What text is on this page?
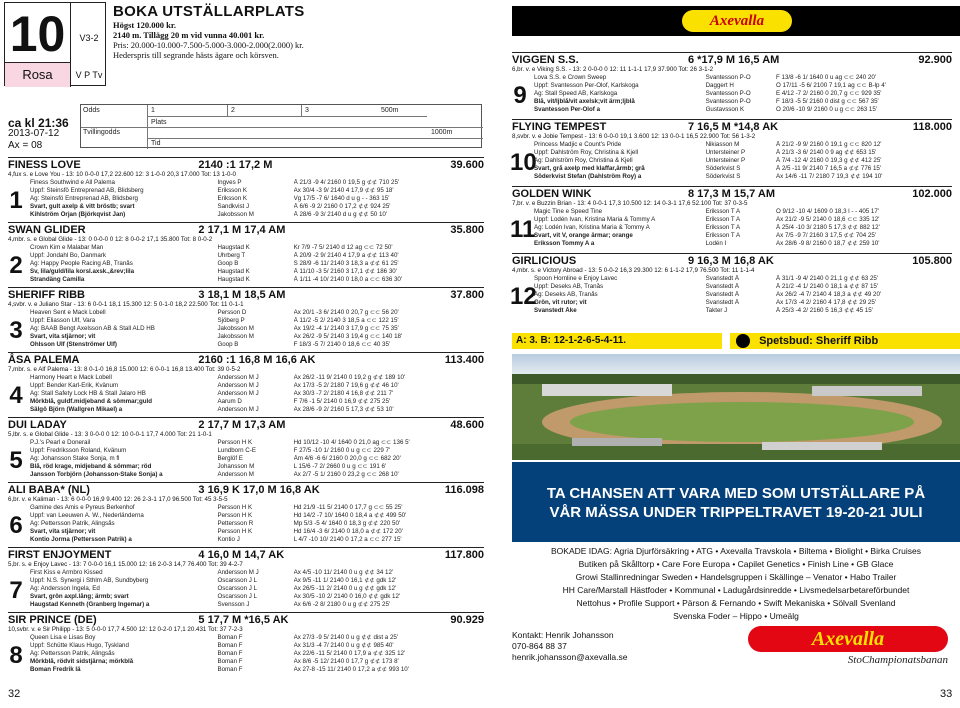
10	V3-2
Rosa	V P Tv
BOKA UTSTÄLLARPLATS
Högst 120.000 kr.
2140 m. Tillägg 20 m vid vunna 40.001 kr.
Pris: 20.000-10.000-7.500-5.000-3.000-2.000(2.000) kr.
Hederspris till segrande hästs ägare och körsven.
ca kl 21:36
2013-07-12
Ax = 08
Odds
Tvillingodds
1	2	3
Plats
Tid
500m
1000m
FINESS LOVE	2140 :1 17,2 M	39.600
4,fux s. e Love You - 13: 10 0-0-0 17,2 22.600 12: 3 1-0-0 20,3 17.000 Tot: 13 1-0-0
1
Finess Southwind e All Palema	Ingves P	Å 21/3 -9 4/ 2160 0 19,5 g ⊄⊄ 710 25'
Uppf: Steinsfö Entreprenad AB, Blidsberg	Eriksson K	Ax 30/4 -3 9/ 2140 4 17,9 ⊄⊄ 95 18'
Äg: Steinsfö Entreprenad AB, Blidsberg	Eriksson K	Vg 17/5 -7 6/ 1640 d u g - - 363 15'
Svart, gult axelp & vitt bröstb; svart	Sandkvist J	Å 6/6 -9 2/ 2160 0 17,2 ⊄⊄ 924 25'
Kihlström Örjan (Björkqvist Jan)	Jakobsson M	Å 28/6 -9 3/ 2140 d u g ⊄⊄ 50 10'
SWAN GLIDER	2 17,1 M 17,4 AM	35.800
4,mbr. s. e Global Glide - 13: 0 0-0-0 0 12: 8 0-0-2 17,1 35.800 Tot: 8 0-0-2
2
Crown Kim e Malabar Man	Haugstad K	Kr 7/9 -7 5/ 2140 d 12 ag ⊂⊂ 72 50'
Uppf: Jondahl Bo, Danmark	Uhrberg T	Å 20/9 -2 9/ 2140 4 17,9 a ⊄⊄ 113 40'
Äg: Happy People Racing AB, Tranås	Goop B	S 28/9 -6 11/ 2140 3 18,3 a ⊄⊄ 61 25'
Sv, lila/guld/lila korsl.axsk.,&rev;lila	Haugstad K	Å 11/10 -3 5/ 2160 3 17,1 ⊄⊄ 186 30'
Strandäng Camilla	Haugstad K	Å 1/11 -4 10/ 2140 0 18,0 a ⊂⊂ 636 30'
SHERIFF RIBB	3 18,1 M 18,5 AM	37.800
4,svbr. v. e Juliano Star - 13: 6 0-0-1 18,1 15.300 12: 5 0-1-0 18,2 22.500 Tot: 11 0-1-1
3
Heaven Sent e Mack Lobell	Persson D	Ax 20/1 -3 6/ 2140 0 20,7 g ⊂⊂ 56 20'
Uppf: Eliasson Ulf, Vara	Sjöberg P	Å 11/2 -5 2/ 2140 3 18,5 a ⊂⊂ 122 15'
Äg: BAAB Bengt Axelsson AB & Stall ALD HB	Jakobsson M	Ax 19/2 -4 1/ 2140 3 17,9 g ⊂⊂ 75 35'
Svart, vita stjärnor; vit	Jakobsson M	Ax 26/2 -9 5/ 2140 3 19,4 g ⊂⊂ 140 18'
Ohlsson Ulf (Stenströmer Ulf)	Goop B	F 18/3 -5 7/ 2140 0 18,6 ⊂⊂ 40 35'
ÅSA PALEMA	2160 :1 16,8 M 16,6 AK	113.400
7,mbr. s. e Alf Palema - 13: 8 0-1-0 16,8 15.000 12: 6 0-0-1 16,8 13.400 Tot: 39 0-5-2
4
Harmony Heart e Mack Lobell	Andersson M J	Ax 26/2 -11 9/ 2140 0 19,2 g ⊄⊄ 189 10'
Uppf: Bender Karl-Erik, Kvänum	Andersson M J	Ax 17/3 -5 2/ 2180 7 19,6 g ⊄⊄ 46 10'
Äg: Stall Safety Lock HB & Stall Jalaro HB	Andersson M J	Ax 30/3 -7 2/ 2180 4 16,8 ⊄⊄ 211 7'
Mörkblå, guldf.midjeband & sömmar;guld	Aarum D	F 7/6 -1 5/ 2140 0 16,9 ⊄⊄ 275 25'
Sälgö Björn (Wallgren Mikael) a	Andersson M J	Ax 28/6 -9 2/ 2160 5 17,3 ⊄⊄ 53 10'
DUI LADAY	2 17,7 M 17,3 AM	48.600
5,lbr. s. e Global Glide - 13: 3 0-0-0 0 12: 10 0-0-1 17,7 4.000 Tot: 21 1-0-1
5
P.J.'s Pearl e Donerail	Persson H K	Hd 10/12 -10 4/ 1640 0 21,0 ag ⊂⊂ 136 5'
Uppf: Fredriksson Roland, Kvänum	Lundborn C-E	F 27/5 -10 1/ 2160 0 u g ⊂⊂ 229 7'
Äg: Johansson Stake Sonja, m fl	Berglöf E	Åm 4/6 -6 6/ 2160 0 20,0 g ⊂⊂ 682 20'
Blå, röd krage, midjeband & sömmar; röd	Johansson M	L 15/6 -7 2/ 2660 0 u g ⊂⊂ 191 6'
Jansson Torbjörn (Johansson-Stake Sonja) a	Andersson M	Ax 2/7 -5 1/ 2160 0 23,2 g ⊂⊂ 268 10'
ALI BABA* (NL)	3 16,9 K 17,0 M 16,8 AK	116.098
6,br. v. e Kaliman - 13: 6 0-0-0 16,9 9.400 12: 26 2-3-1 17,0 96.500 Tot: 45 3-5-5
6
Gamine des Amis e Pyreus Berkenhof	Persson H K	Hd 21/9 -11 5/ 2140 0 17,7 g ⊂⊂ 55 25'
Uppf: van Leeuwen A. W., Nederländerna	Persson H K	Hd 14/2 -7 10/ 1640 0 18,4 a ⊄⊄ 499 50'
Äg: Pettersson Patrik, Alingsås	Pettersson R	Mp 5/3 -5 4/ 1640 0 18,3 g ⊄⊄ 220 50'
Svart, vita stjärnor; vit	Persson H K	Hd 16/4 -3 6/ 2140 0 18,0 a ⊄⊄ 172 20'
Kontio Jorma (Pettersson Patrik) a	Kontio J	L 4/7 -10 10/ 2140 0 17,2 a ⊂⊂ 277 15'
FIRST ENJOYMENT	4 16,0 M 14,7 AK	117.800
5,br. s. e Enjoy Lavec - 13: 7 0-0-0 16,1 15.000 12: 16 2-0-3 14,7 76.400 Tot: 39 4-2-7
7
First Kiss e Armbro Kissed	Andersson M J	Ax 4/5 -10 11/ 2140 0 u g ⊄⊄ 34 12'
Uppf: N.S. Synergi i Sthlm AB, Sundbyberg	Oscarsson J L	Ax 9/5 -11 1/ 2140 0 16,1 ⊄⊄ gdk 12'
Äg: Andersson Ingela, Ed	Oscarsson J L	Ax 26/5 -11 2/ 2140 0 u g ⊄⊄ gdk 12'
Svart, grön axpl.lång; ärmb; svart	Oscarsson J L	Ax 30/5 -10 2/ 2140 0 16,0 ⊄⊄ gdk 12'
Haugstad Kenneth (Granberg Ingemar) a	Svensson J	Ax 6/6 -2 8/ 2180 0 u g ⊄⊄ 275 25'
SIR PRINCE (DE)	5 17,7 M *16,5 AK	90.929
10,svbr. v. e Sir Philipp - 13: 5 0-0-0 17,7 4.500 12: 12 0-2-0 17,1 20.431 Tot: 37 7-2-3
8
Queen Lisa e Lisas Boy	Boman F	Ax 27/3 -9 5/ 2140 0 u g ⊄⊄ dist a 25'
Uppf: Schütte Klaus Hugo, Tyskland	Boman F	Ax 31/3 -4 7/ 2140 0 u g ⊄⊄ 985 40'
Äg: Pettersson Patrik, Alingsås	Boman F	Ax 22/6 -11 5/ 2140 0 17,9 a ⊄⊄ 325 12'
Mörkblå, rödvit sidstjärna; mörkblå	Boman F	Ax 8/6 -5 12/ 2140 0 17,7 g ⊄⊄ 173 8'
Boman Fredrik lä	Boman F	Ax 27-8 -15 11/ 2140 0 17,2 a ⊄⊄ 993 10'
VIGGEN S.S.	6 *17,9 M 16,5 AM	92.900
6,br. v. e Viking S.S. - 13: 2 0-0-0 0 12: 11 1-1-1 17,9 37.900 Tot: 26 3-1-2
9
Lova S.S. e Crown Sweep	Svantesson P-O	F 13/8 -6 1/ 1640 0 u ag ⊂⊂ 240 20'
Uppf: Svantesson Per-Olof, Karlskoga	Daggert H	Ö 17/11 -5 6/ 2100 7 19,1 ag ⊂⊂ B-lp 4'
Äg: Stall Speed AB, Karlskoga	Svantesson P-O	E 4/12 -7 2/ 2160 0 20,7 g ⊂⊂ 929 35'
Blå, vit/ljblå/vit axelsk;vit ärm;ljblå	Svantesson P-O	F 18/3 -5 5/ 2160 0 dist g ⊂⊂ 567 35'
Svantesson Per-Olof a	Gustavsson K	Ö 20/6 -10 9/ 2160 0 u g ⊂⊂ 263 15'
FLYING TEMPEST	7 16,5 M *14,8 AK	118.000
8,svbr. v. e Jobie Tempest - 13: 6 0-0-0 19,1 3.600 12: 13 0-0-1 16,5 22.900 Tot: 56 1-3-2
10
Princess Madjic e Count's Pride	Nikiasson M	Å 21/2 -9 9/ 2160 0 19,1 g ⊂⊂ 820 12'
Uppf: Dahlström Roy, Christina & Kjell	Untersteiner P	Å 21/3 -3 6/ 2140 0 9 ag ⊄⊄ 653 15'
Äg: Dahlström Roy, Christina & Kjell	Untersteiner P	Å 7/4 -12 4/ 2160 0 19,3 g ⊄⊄ 412 25'
Svart, grå axelp med klaffar,ärmb; grå	Söderkvist S	Å 2/5 -11 9/ 2140 7 16,5 a ⊄⊄ 776 15'
Söderkvist Stefan (Dahlström Roy) a	Söderkvist S	Ax 14/6 -11 7/ 2180 7 19,3 ⊄⊄ 194 10'
GOLDEN WINK	8 17,3 M 15,7 AM	102.000
7,br. v. e Buzzin Brian - 13: 4 0-0-1 17,3 10.500 12: 14 0-3-1 17,6 52.100 Tot: 37 0-3-5
11
Magic Tine e Speed Tine	Eriksson T A	Ö 9/12 -10 4/ 1609 0 18,3 l - - 405 17'
Uppf: Lodén Ivan, Kristina Maria & Tommy A	Eriksson T A	Ax 21/2 -9 5/ 2140 0 18,6 ⊂⊂ 335 12'
Äg: Lodén Ivan, Kristina Maria & Tommy A	Eriksson T A	Å 25/4 -10 3/ 2180 5 17,3 ⊄⊄ 882 12'
Svart, vit V, orange ärmar; orange	Eriksson T A	Ax 7/5 -9 7/ 2160 3 17,5 ⊄⊄ 704 25'
Eriksson Tommy A a	Lodén I	Ax 28/6 -9 8/ 2160 0 18,7 ⊄⊄ 259 10'
GIRLICIOUS	9 16,3 M 16,8 AK	105.800
4,mbr. s. e Victory Abroad - 13: 5 0-0-2 16,3 29.300 12: 6 1-1-2 17,9 76.500 Tot: 11 1-1-4
12
Spoon Hornline e Enjoy Lavec	Svanstedt Å	Å 31/1 -9 4/ 2140 0 21,1 g ⊄⊄ 63 25'
Uppf: Deseks AB, Tranås	Svanstedt Å	Å 21/2 -4 1/ 2140 0 18,1 a ⊄⊄ 87 15'
Äg: Deseks AB, Tranås	Svanstedt Å	Ax 26/2 -4 7/ 2140 4 18,3 a ⊄⊄ 49 20'
Grön, vit rutor; vit	Svanstedt Å	Ax 17/3 -4 2/ 2160 4 17,8 ⊄⊄ 29 25'
Svanstedt Åke	Takter J	Å 25/3 -4 2/ 2160 5 16,3 ⊄⊄ 45 15'
32	33
Axevalla
A: 3. B: 12-1-2-6-5-4-11.	Spetsbud: Sheriff Ribb
TA CHANSEN ATT VARA MED SOM UTSTÄLLARE PÅ
VÅR MÄSSA UNDER TRIPPELTRAVET 19-20-21 JULI
BOKADE IDAG: Agria Djurförsäkring • ATG • Axevalla Travskola • Biltema • Biolight • Birka Cruises
Butiken på Skålltorp • Care Fore Europa • Capilet Genetics • Finish Line • GB Glace
Growi Stallinredningar Sweden • Handelsgruppen i Skällinge – Venator • Habo Trailer
HH Care/Marstall Hästfoder • Kommunal • Ladugårdsinredde • Livsmedelsarbetareförbundet
Nettohus • Profile Support • Pärson & Fernando • Swift Mekaniska • Sölvall Svenland
Svenska Foder – Hippo • Umeälg
Kontakt: Henrik Johansson
070-864 88 37
henrik.johansson@axevalla.se
Axevalla
StoChampionatsbanan
